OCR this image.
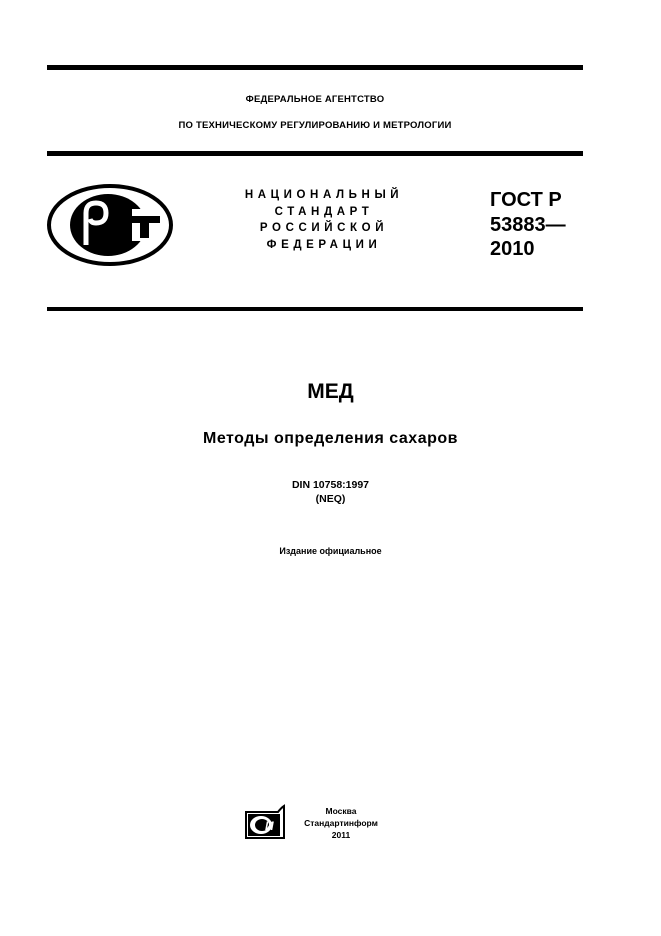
ФЕДЕРАЛЬНОЕ АГЕНТСТВО
ПО ТЕХНИЧЕСКОМУ РЕГУЛИРОВАНИЮ И МЕТРОЛОГИИ
НАЦИОНАЛЬНЫЙ
СТАНДАРТ
РОССИЙСКОЙ
ФЕДЕРАЦИИ
ГОСТ Р
53883—
2010
МЕД
Методы определения сахаров
DIN 10758:1997
(NEQ)
Издание официальное
И
Москва
Стандартинформ
2011
